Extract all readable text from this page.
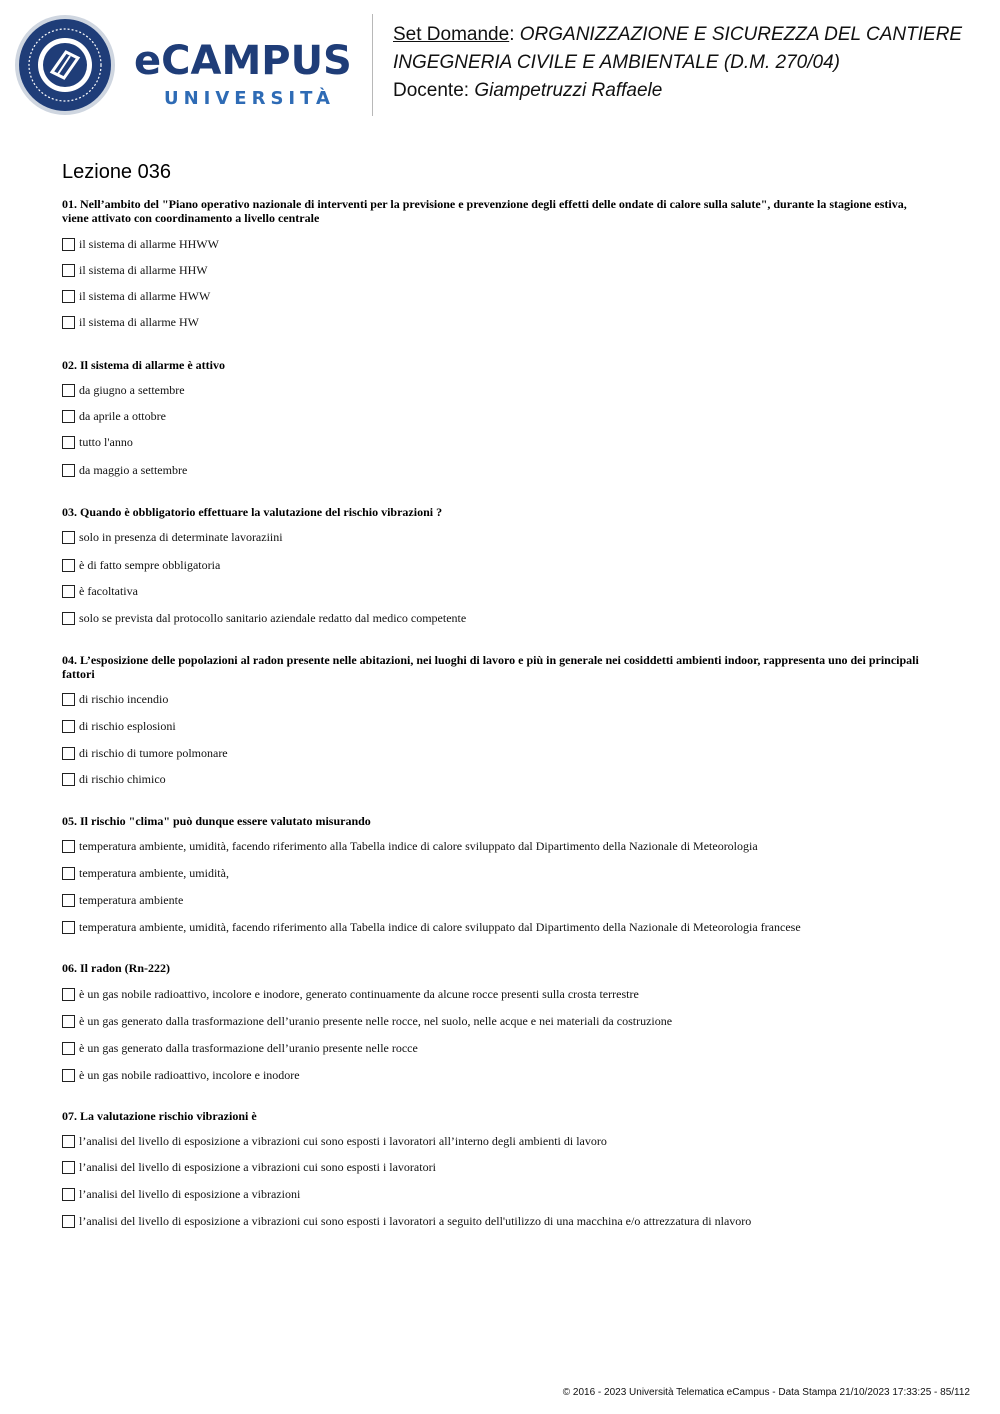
eCAMPUS
UNIVERSITÀ
Set Domande: ORGANIZZAZIONE E SICUREZZA DEL CANTIERE
INGEGNERIA CIVILE E AMBIENTALE (D.M. 270/04)
Docente: Giampetruzzi Raffaele
Lezione 036
01. Nell’ambito del "Piano operativo nazionale di interventi per la previsione e prevenzione degli effetti delle ondate di calore sulla salute", durante la stagione estiva, viene attivato con coordinamento a livello centrale
il sistema di allarme HHWW
il sistema di allarme HHW
il sistema di allarme HWW
il sistema di allarme HW
02. Il sistema di allarme è attivo
da giugno a settembre
da aprile a ottobre
tutto l'anno
da maggio a settembre
03. Quando è obbligatorio effettuare la valutazione del rischio vibrazioni ?
solo in presenza di determinate lavoraziini
è di fatto sempre obbligatoria
è facoltativa
solo se prevista dal protocollo sanitario aziendale redatto dal medico competente
04. L’esposizione delle popolazioni al radon presente nelle abitazioni, nei luoghi di lavoro e più in generale nei cosiddetti ambienti indoor, rappresenta uno dei principali fattori
di rischio incendio
di rischio esplosioni
di rischio di tumore polmonare
di rischio chimico
05. Il rischio "clima" può dunque essere valutato misurando
temperatura ambiente, umidità, facendo riferimento alla Tabella indice di calore sviluppato dal Dipartimento della Nazionale di Meteorologia
temperatura ambiente, umidità,
temperatura ambiente
temperatura ambiente, umidità, facendo riferimento alla Tabella indice di calore sviluppato dal Dipartimento della Nazionale di Meteorologia francese
06. Il radon (Rn-222)
è un gas nobile radioattivo, incolore e inodore, generato continuamente da alcune rocce presenti sulla crosta terrestre
è un gas generato dalla trasformazione dell’uranio presente nelle rocce, nel suolo, nelle acque e nei materiali da costruzione
è un gas generato dalla trasformazione dell’uranio presente nelle rocce
è un gas nobile radioattivo, incolore e inodore
07. La valutazione rischio vibrazioni è
l’analisi del livello di esposizione a vibrazioni cui sono esposti i lavoratori all’interno degli ambienti di lavoro
l’analisi del livello di esposizione a vibrazioni cui sono esposti i lavoratori
l’analisi del livello di esposizione a vibrazioni
l’analisi del livello di esposizione a vibrazioni cui sono esposti i lavoratori a seguito dell'utilizzo di una macchina e/o attrezzatura di nlavoro
© 2016 - 2023 Università Telematica eCampus - Data Stampa 21/10/2023 17:33:25 - 85/112
